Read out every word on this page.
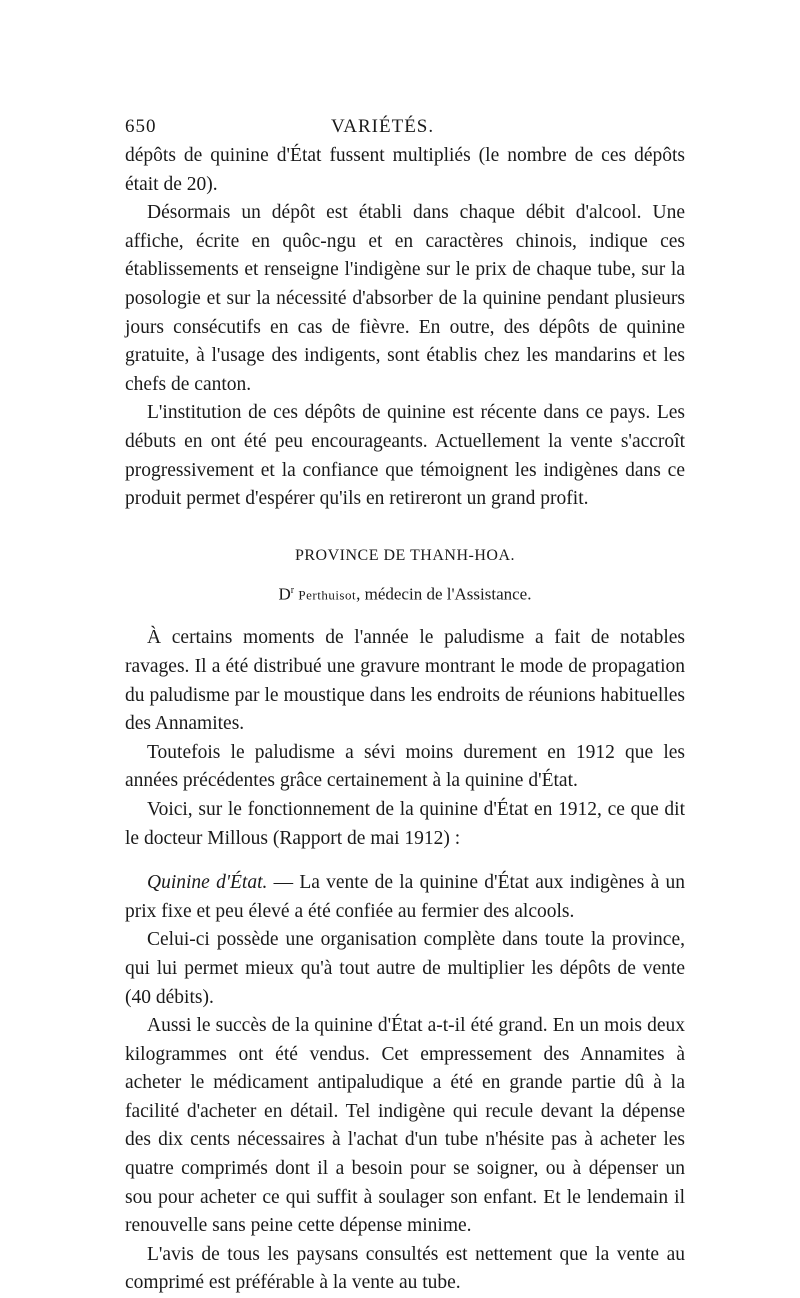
650	VARIÉTÉS.

dépôts de quinine d'État fussent multipliés (le nombre de ces dépôts était de 20).

Désormais un dépôt est établi dans chaque débit d'alcool. Une affiche, écrite en quôc-ngu et en caractères chinois, indique ces établissements et renseigne l'indigène sur le prix de chaque tube, sur la posologie et sur la nécessité d'absorber de la quinine pendant plusieurs jours consécutifs en cas de fièvre. En outre, des dépôts de quinine gratuite, à l'usage des indigents, sont établis chez les mandarins et les chefs de canton.

L'institution de ces dépôts de quinine est récente dans ce pays. Les débuts en ont été peu encourageants. Actuellement la vente s'accroît progressivement et la confiance que témoignent les indigènes dans ce produit permet d'espérer qu'ils en retireront un grand profit.

PROVINCE DE THANH-HOA.
$D^r$ Perthuisot, médecin de l'Assistance.

À certains moments de l'année le paludisme a fait de notables ravages. Il a été distribué une gravure montrant le mode de propagation du paludisme par le moustique dans les endroits de réunions habituelles des Annamites.

Toutefois le paludisme a sévi moins durement en 1912 que les années précédentes grâce certainement à la quinine d'État.

Voici, sur le fonctionnement de la quinine d'État en 1912, ce que dit le docteur Millous (Rapport de mai 1912) :

Quinine d'État. — La vente de la quinine d'État aux indigènes à un prix fixe et peu élevé a été confiée au fermier des alcools.

Celui-ci possède une organisation complète dans toute la province, qui lui permet mieux qu'à tout autre de multiplier les dépôts de vente (40 débits).

Aussi le succès de la quinine d'État a-t-il été grand. En un mois deux kilogrammes ont été vendus. Cet empressement des Annamites à acheter le médicament antipaludique a été en grande partie dû à la facilité d'acheter en détail. Tel indigène qui recule devant la dépense des dix cents nécessaires à l'achat d'un tube n'hésite pas à acheter les quatre comprimés dont il a besoin pour se soigner, ou à dépenser un sou pour acheter ce qui suffit à soulager son enfant. Et le lendemain il renouvelle sans peine cette dépense minime.

L'avis de tous les paysans consultés est nettement que la vente au comprimé est préférable à la vente au tube.
